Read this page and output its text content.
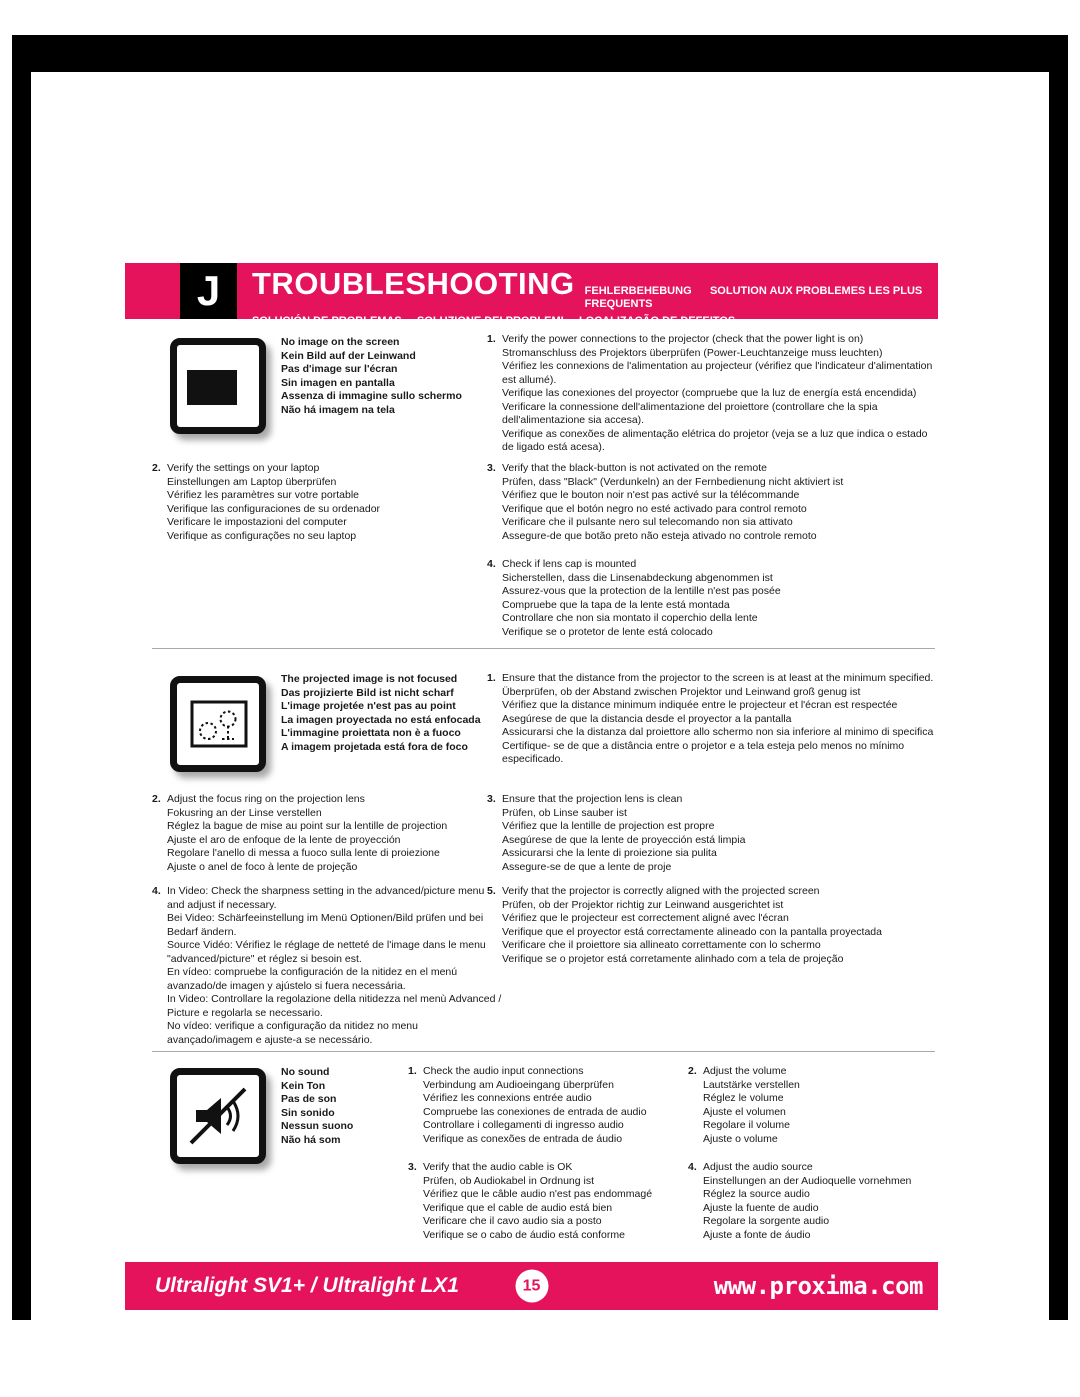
J TROUBLESHOOTING FEHLERBEHEBUNG      SOLUTION AUX PROBLEMES LES PLUS FREQUENTS
SOLUCIÓN DE PROBLEMAS     SOLUZIONE DEI PROBLEMI     LOCALIZAÇÃO DE DEFEITOS
No image on the screen
Kein Bild auf der Leinwand
Pas d'image sur l'écran
Sin imagen en pantalla
Assenza di immagine sullo schermo
Não há imagem na tela
1. Verify the power connections to the projector (check that the power light is on)
Stromanschluss des Projektors überprüfen (Power-Leuchtanzeige muss leuchten)
Vérifiez les connexions de l'alimentation au projecteur (vérifiez que l'indicateur d'alimentation est allumé).
Verifique las conexiones del proyector (compruebe que la luz de energía está encendida)
Verificare la connessione dell'alimentazione del proiettore (controllare che la spia dell'alimentazione sia accesa).
Verifique as conexões de alimentação elétrica do projetor (veja se a luz que indica o estado de ligado está acesa).
2. Verify the settings on your laptop
Einstellungen am Laptop überprüfen
Vérifiez les paramètres sur votre portable
Verifique las configuraciones de su ordenador
Verificare le impostazioni del computer
Verifique as configurações no seu laptop
3. Verify that the black-button is not activated on the remote
Prüfen, dass "Black" (Verdunkeln) an der Fernbedienung nicht aktiviert ist
Vérifiez que le bouton noir n'est pas activé sur la télécommande
Verifique que el botón negro no esté activado para control remoto
Verificare che il pulsante nero sul telecomando non sia attivato
Assegure-de que botão preto não esteja ativado no controle remoto
4. Check if lens cap is mounted
Sicherstellen, dass die Linsenabdeckung abgenommen ist
Assurez-vous que la protection de la lentille n'est pas posée
Compruebe que la tapa de la lente está montada
Controllare che non sia montato il coperchio della lente
Verifique se o protetor de lente está colocado
The projected image is not focused
Das projizierte Bild ist nicht scharf
L'image projetée n'est pas au point
La imagen proyectada no está enfocada
L'immagine proiettata non è a fuoco
A imagem projetada está fora de foco
1. Ensure that the distance from the projector to the screen is at least at the minimum specified.
Überprüfen, ob der Abstand zwischen Projektor und Leinwand groß genug ist
Vérifiez que la distance minimum indiquée entre le projecteur et l'écran est respectée
Asegúrese de que la distancia desde el proyector a la pantalla
Assicurarsi che la distanza dal proiettore allo schermo non sia inferiore al minimo di specifica
Certifique- se de que a distância entre o projetor e a tela esteja pelo menos no mínimo especificado.
2. Adjust the focus ring on the projection lens
Fokusring an der Linse verstellen
Réglez la bague de mise au point sur la lentille de projection
Ajuste el aro de enfoque de la lente de proyección
Regolare l'anello di messa a fuoco sulla lente di proiezione
Ajuste o anel de foco à lente de projeção
3. Ensure that the projection lens is clean
Prüfen, ob Linse sauber ist
Vérifiez que la lentille de projection est propre
Asegúrese de que la lente de proyección está limpia
Assicurarsi che la lente di proiezione sia pulita
Assegure-se de que a lente de proje
4. In Video: Check the sharpness setting in the advanced/picture menu and adjust if necessary.
Bei Video: Schärfeeinstellung im Menü Optionen/Bild prüfen und bei Bedarf ändern.
Source Vidéo: Vérifiez le réglage de netteté de l'image dans le menu "advanced/picture" et réglez si besoin est.
En vídeo: compruebe la configuración de la nitidez en el menú avanzado/de imagen y ajústelo si fuera necessária.
In Video: Controllare la regolazione della nitidezza nel menù Advanced / Picture e regolarla se necessario.
No vídeo: verifique a configuração da nitidez no menu avançado/imagem e ajuste-a se necessário.
5. Verify that the projector is correctly aligned with the projected screen
Prüfen, ob der Projektor richtig zur Leinwand ausgerichtet ist
Vérifiez que le projecteur est correctement aligné avec l'écran
Verifique que el proyector está correctamente alineado con la pantalla proyectada
Verificare che il proiettore sia allineato correttamente con lo schermo
Verifique se o projetor está corretamente alinhado com a tela de projeção
No sound
Kein Ton
Pas de son
Sin sonido
Nessun suono
Não há som
1. Check the audio input connections
Verbindung am Audioeingang überprüfen
Vérifiez les connexions entrée audio
Compruebe las conexiones de entrada de audio
Controllare i collegamenti di ingresso audio
Verifique as conexões de entrada de áudio
2. Adjust the volume
Lautstärke verstellen
Réglez le volume
Ajuste el volumen
Regolare il volume
Ajuste o volume
3. Verify that the audio cable is OK
Prüfen, ob Audiokabel in Ordnung ist
Vérifiez que le câble audio n'est pas endommagé
Verifique que el cable de audio está bien
Verificare che il cavo audio sia a posto
Verifique se o cabo de áudio está conforme
4. Adjust the audio source
Einstellungen an der Audioquelle vornehmen
Réglez la source audio
Ajuste la fuente de audio
Regolare la sorgente audio
Ajuste a fonte de áudio
Ultralight SV1+ / Ultralight LX1	15	www.proxima.com
